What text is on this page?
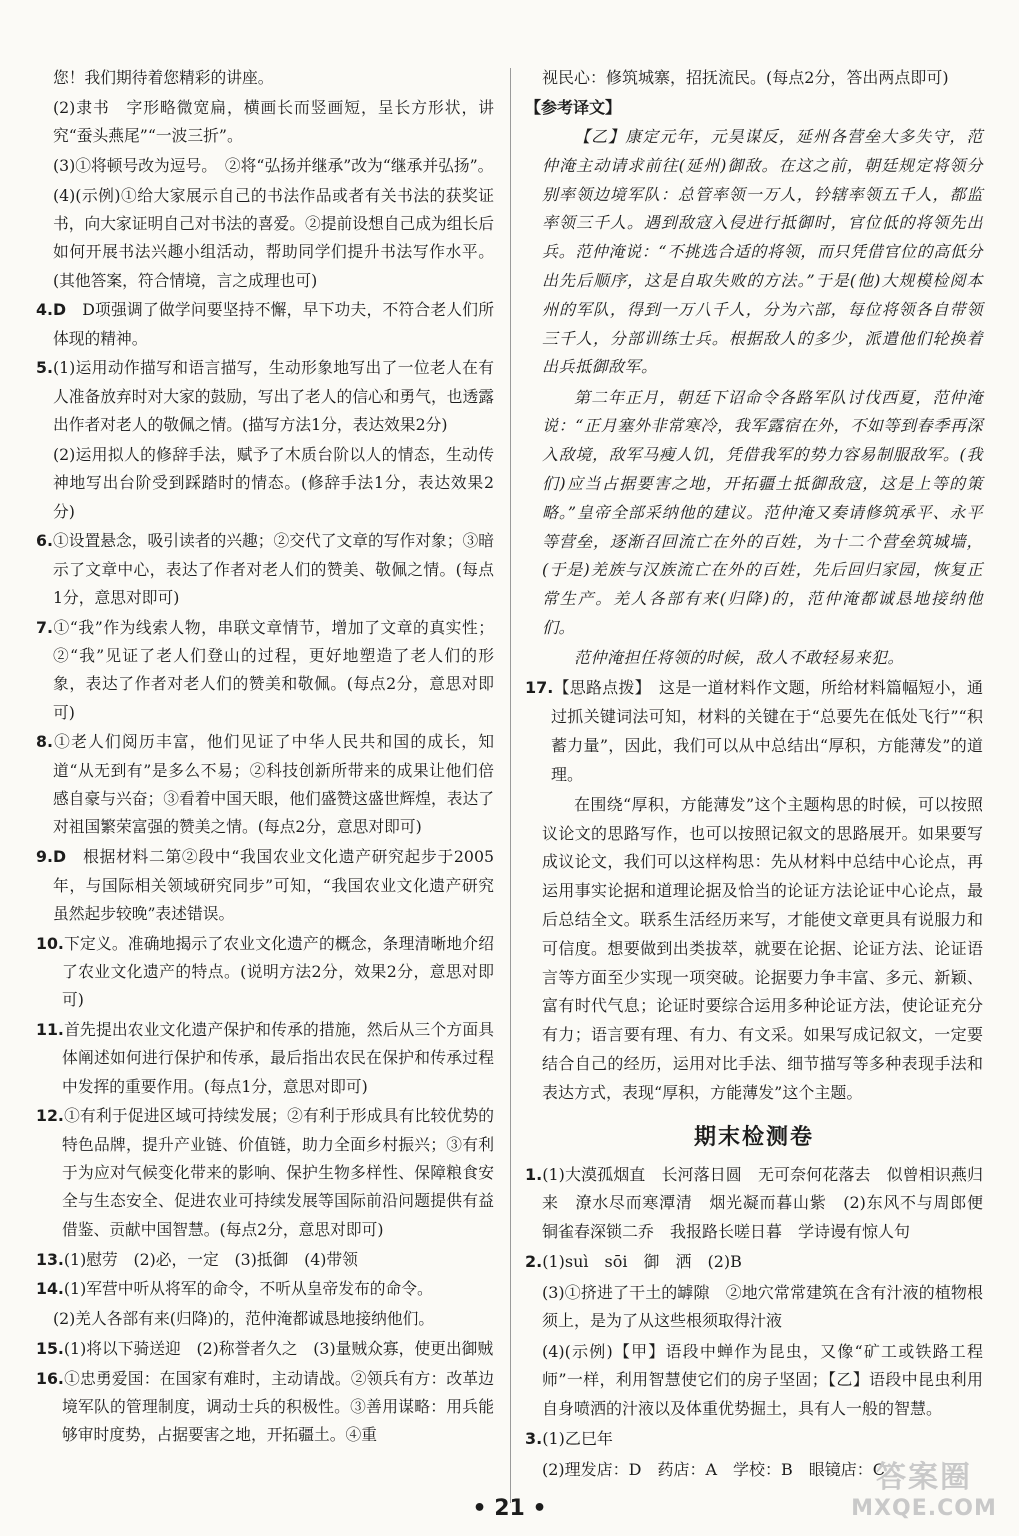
您！我们期待着您精彩的讲座。

(2)隶书　字形略微宽扁，横画长而竖画短，呈长方形状，讲究“蚕头燕尾”“一波三折”。

(3)①将顿号改为逗号。　②将“弘扬并继承”改为“继承并弘扬”。

(4)(示例)①给大家展示自己的书法作品或者有关书法的获奖证书，向大家证明自己对书法的喜爱。②提前设想自己成为组长后如何开展书法兴趣小组活动，帮助同学们提升书法写作水平。(其他答案，符合情境，言之成理也可)

4.D　D项强调了做学问要坚持不懈，早下功夫，不符合老人们所体现的精神。

5.(1)运用动作描写和语言描写，生动形象地写出了一位老人在有人准备放弃时对大家的鼓励，写出了老人的信心和勇气，也透露出作者对老人的敬佩之情。(描写方法1分，表达效果2分)

(2)运用拟人的修辞手法，赋予了木质台阶以人的情态，生动传神地写出台阶受到踩踏时的情态。(修辞手法1分，表达效果2分)

6.①设置悬念，吸引读者的兴趣；②交代了文章的写作对象；③暗示了文章中心，表达了作者对老人们的赞美、敬佩之情。(每点1分，意思对即可)

7.①“我”作为线索人物，串联文章情节，增加了文章的真实性；②“我”见证了老人们登山的过程，更好地塑造了老人们的形象，表达了作者对老人们的赞美和敬佩。(每点2分，意思对即可)

8.①老人们阅历丰富，他们见证了中华人民共和国的成长，知道“从无到有”是多么不易；②科技创新所带来的成果让他们倍感自豪与兴奋；③看着中国天眼，他们盛赞这盛世辉煌，表达了对祖国繁荣富强的赞美之情。(每点2分，意思对即可)

9.D　根据材料二第②段中“我国农业文化遗产研究起步于2005年，与国际相关领域研究同步”可知，“我国农业文化遗产研究虽然起步较晚”表述错误。

10.下定义。准确地揭示了农业文化遗产的概念，条理清晰地介绍了农业文化遗产的特点。(说明方法2分，效果2分，意思对即可)

11.首先提出农业文化遗产保护和传承的措施，然后从三个方面具体阐述如何进行保护和传承，最后指出农民在保护和传承过程中发挥的重要作用。(每点1分，意思对即可)

12.①有利于促进区域可持续发展；②有利于形成具有比较优势的特色品牌，提升产业链、价值链，助力全面乡村振兴；③有利于为应对气候变化带来的影响、保护生物多样性、保障粮食安全与生态安全、促进农业可持续发展等国际前沿问题提供有益借鉴、贡献中国智慧。(每点2分，意思对即可)

13.(1)慰劳　(2)必，一定　(3)抵御　(4)带领

14.(1)军营中听从将军的命令，不听从皇帝发布的命令。

(2)羌人各部有来(归降)的，范仲淹都诚恳地接纳他们。

15.(1)将以下骑送迎　(2)称誉者久之　(3)量贼众寡，使更出御贼

16.①忠勇爱国：在国家有难时，主动请战。②领兵有方：改革边境军队的管理制度，调动士兵的积极性。③善用谋略：用兵能够审时度势，占据要害之地，开拓疆土。④重

视民心：修筑城寨，招抚流民。(每点2分，答出两点即可)

【参考译文】

【乙】康定元年，元昊谋反，延州各营垒大多失守，范仲淹主动请求前往(延州)御敌。在这之前，朝廷规定将领分别率领边境军队：总管率领一万人，钤辖率领五千人，都监率领三千人。遇到敌寇入侵进行抵御时，官位低的将领先出兵。范仲淹说：“不挑选合适的将领，而只凭借官位的高低分出先后顺序，这是自取失败的方法。”于是(他)大规模检阅本州的军队，得到一万八千人，分为六部，每位将领各自带领三千人，分部训练士兵。根据敌人的多少，派遣他们轮换着出兵抵御敌军。

第二年正月，朝廷下诏命令各路军队讨伐西夏，范仲淹说：“正月塞外非常寒冷，我军露宿在外，不如等到春季再深入敌境，敌军马瘦人饥，凭借我军的势力容易制服敌军。(我们)应当占据要害之地，开拓疆土抵御敌寇，这是上等的策略。”皇帝全部采纳他的建议。范仲淹又奏请修筑承平、永平等营垒，逐渐召回流亡在外的百姓，为十二个营垒筑城墙，(于是)羌族与汉族流亡在外的百姓，先后回归家园，恢复正常生产。羌人各部有来(归降)的，范仲淹都诚恳地接纳他们。

范仲淹担任将领的时候，敌人不敢轻易来犯。

17.【思路点拨】　这是一道材料作文题，所给材料篇幅短小，通过抓关键词法可知，材料的关键在于“总要先在低处飞行”“积蓄力量”，因此，我们可以从中总结出“厚积，方能薄发”的道理。

在围绕“厚积，方能薄发”这个主题构思的时候，可以按照议论文的思路写作，也可以按照记叙文的思路展开。如果要写成议论文，我们可以这样构思：先从材料中总结中心论点，再运用事实论据和道理论据及恰当的论证方法论证中心论点，最后总结全文。联系生活经历来写，才能使文章更具有说服力和可信度。想要做到出类拔萃，就要在论据、论证方法、论证语言等方面至少实现一项突破。论据要力争丰富、多元、新颖、富有时代气息；论证时要综合运用多种论证方法，使论证充分有力；语言要有理、有力、有文采。如果写成记叙文，一定要结合自己的经历，运用对比手法、细节描写等多种表现手法和表达方式，表现“厚积，方能薄发”这个主题。

期末检测卷

1.(1)大漠孤烟直　长河落日圆　无可奈何花落去　似曾相识燕归来　潦水尽而寒潭清　烟光凝而暮山紫　(2)东风不与周郎便　铜雀春深锁二乔　我报路长嗟日暮　学诗谩有惊人句

2.(1)suì　sōi　御　洒　(2)B

(3)①挤进了干土的罅隙　②地穴常常建筑在含有汁液的植物根须上，是为了从这些根须取得汁液

(4)(示例)【甲】语段中蝉作为昆虫，又像“矿工或铁路工程师”一样，利用智慧使它们的房子坚固；【乙】语段中昆虫利用自身喷洒的汁液以及体重优势掘土，具有人一般的智慧。

3.(1)乙巳年

(2)理发店：D　药店：A　学校：B　眼镜店：C

• 21 •
答案圈
MXQE.COM
